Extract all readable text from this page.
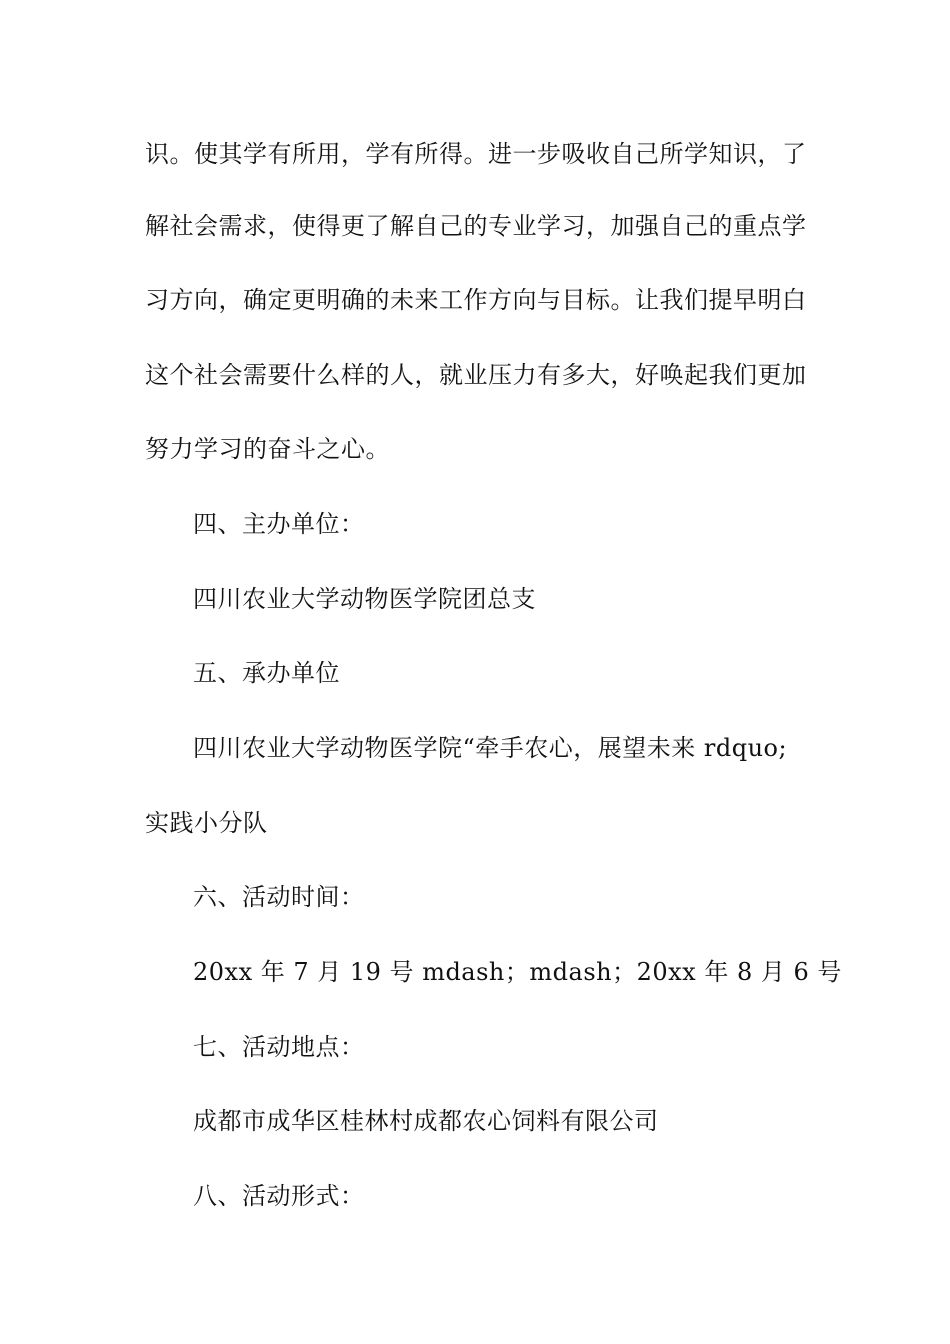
识。使其学有所用，学有所得。进一步吸收自己所学知识，了
解社会需求，使得更了解自己的专业学习，加强自己的重点学
习方向，确定更明确的未来工作方向与目标。让我们提早明白
这个社会需要什么样的人，就业压力有多大，好唤起我们更加
努力学习的奋斗之心。
四、主办单位：
四川农业大学动物医学院团总支
五、承办单位
四川农业大学动物医学院“牵手农心，展望未来 rdquo;
实践小分队
六、活动时间：
20xx 年 7 月 19 号 mdash；mdash；20xx 年 8 月 6 号
七、活动地点：
成都市成华区桂林村成都农心饲料有限公司
八、活动形式：
